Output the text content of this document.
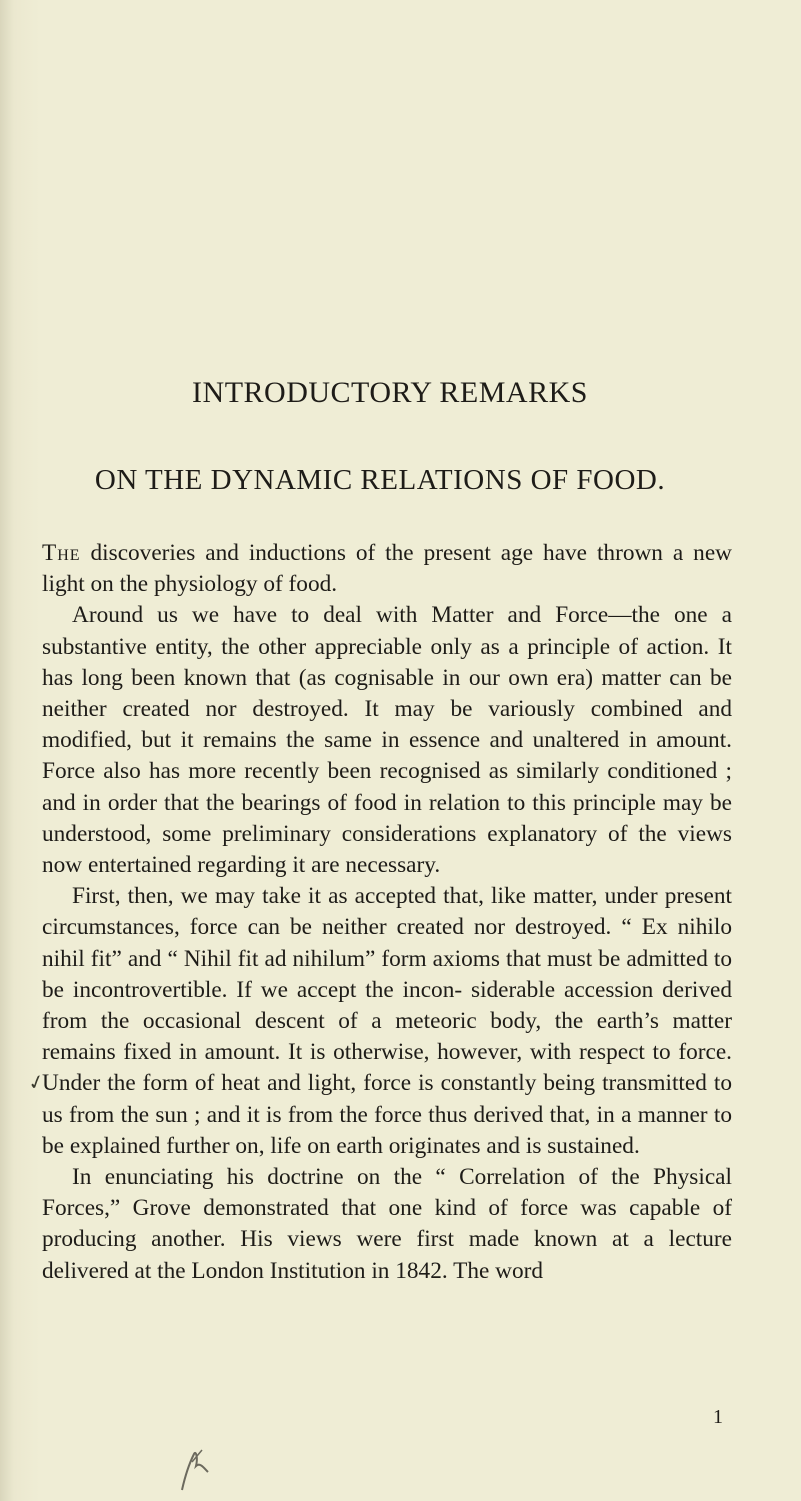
INTRODUCTORY REMARKS
ON THE DYNAMIC RELATIONS OF FOOD.

The discoveries and inductions of the present age have thrown a new light on the physiology of food.

Around us we have to deal with Matter and Force—the one a substantive entity, the other appreciable only as a principle of action. It has long been known that (as cognisable in our own era) matter can be neither created nor destroyed. It may be variously combined and modified, but it remains the same in essence and unaltered in amount. Force also has more recently been recognised as similarly conditioned ; and in order that the bearings of food in relation to this principle may be understood, some preliminary considerations explanatory of the views now entertained regarding it are necessary.

First, then, we may take it as accepted that, like matter, under present circumstances, force can be neither created nor destroyed. “ Ex nihilo nihil fit” and “ Nihil fit ad nihilum” form axioms that must be admitted to be incontrovertible. If we accept the incon- siderable accession derived from the occasional descent of a meteoric body, the earth’s matter remains fixed in amount. It is otherwise, however, with respect to force. Under the form of heat and light, force is constantly being transmitted to us from the sun ; and it is from the force thus derived that, in a manner to be explained further on, life on earth originates and is sustained.

In enunciating his doctrine on the “ Correlation of the Physical Forces,” Grove demonstrated that one kind of force was capable of producing another. His views were first made known at a lecture delivered at the London Institution in 1842. The word

1
✓
